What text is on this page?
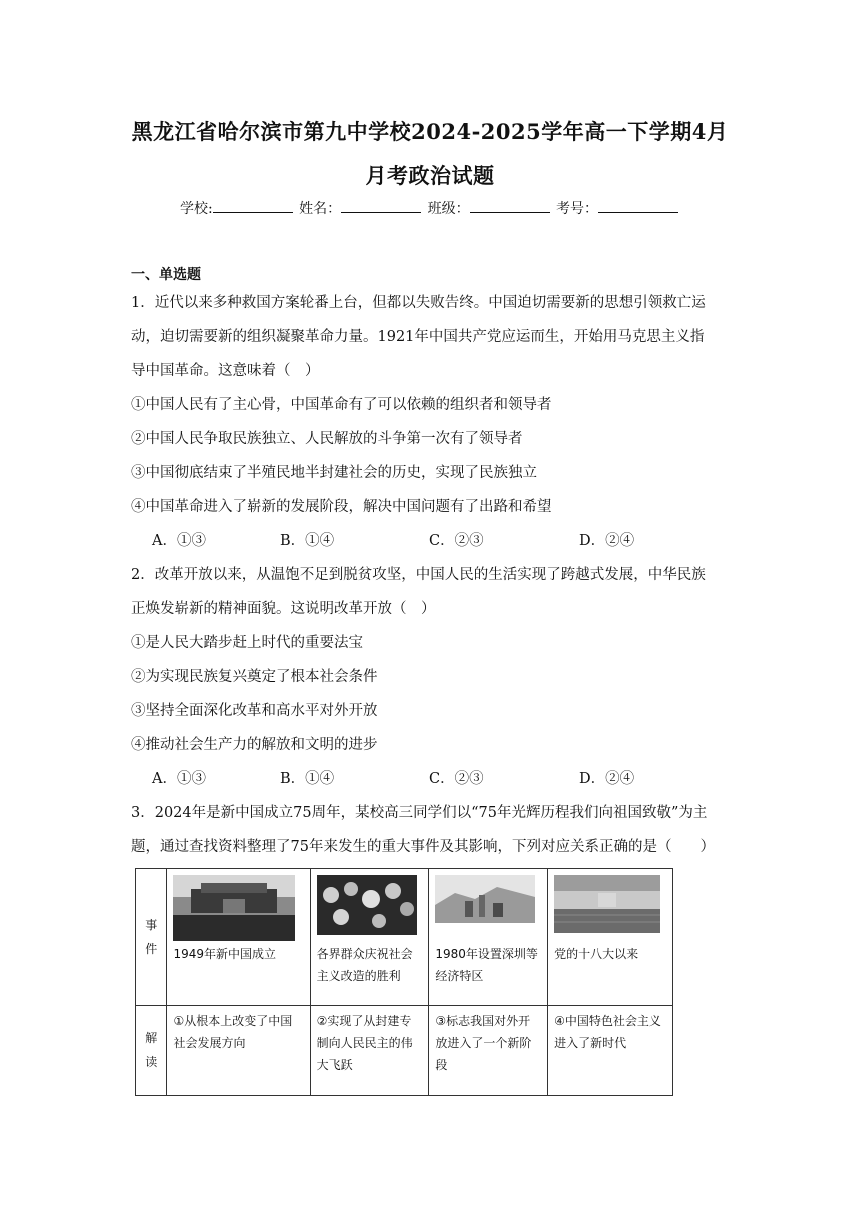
黑龙江省哈尔滨市第九中学校2024-2025学年高一下学期4月
月考政治试题
学校:	姓名：	班级：	考号：
一、单选题
1．近代以来多种救国方案轮番上台，但都以失败告终。中国迫切需要新的思想引领救亡运
动，迫切需要新的组织凝聚革命力量。1921年中国共产党应运而生，开始用马克思主义指
导中国革命。这意味着（　）
①中国人民有了主心骨，中国革命有了可以依赖的组织者和领导者
②中国人民争取民族独立、人民解放的斗争第一次有了领导者
③中国彻底结束了半殖民地半封建社会的历史，实现了民族独立
④中国革命进入了崭新的发展阶段，解决中国问题有了出路和希望
A．①③	B．①④	C．②③	D．②④
2．改革开放以来，从温饱不足到脱贫攻坚，中国人民的生活实现了跨越式发展，中华民族
正焕发崭新的精神面貌。这说明改革开放（　）
①是人民大踏步赶上时代的重要法宝
②为实现民族复兴奠定了根本社会条件
③坚持全面深化改革和高水平对外开放
④推动社会生产力的解放和文明的进步
A．①③	B．①④	C．②③	D．②④
3．2024年是新中国成立75周年，某校高三同学们以“75年光辉历程我们向祖国致敬”为主
题，通过查找资料整理了75年来发生的重大事件及其影响，下列对应关系正确的是（　　）
事件	1949年新中国成立	各界群众庆祝社会主义改造的胜利	1980年设置深圳等经济特区	党的十八大以来

解读	①从根本上改变了中国社会发展方向	②实现了从封建专制向人民民主的伟大飞跃	③标志我国对外开放进入了一个新阶段	④中国特色社会主义进入了新时代
